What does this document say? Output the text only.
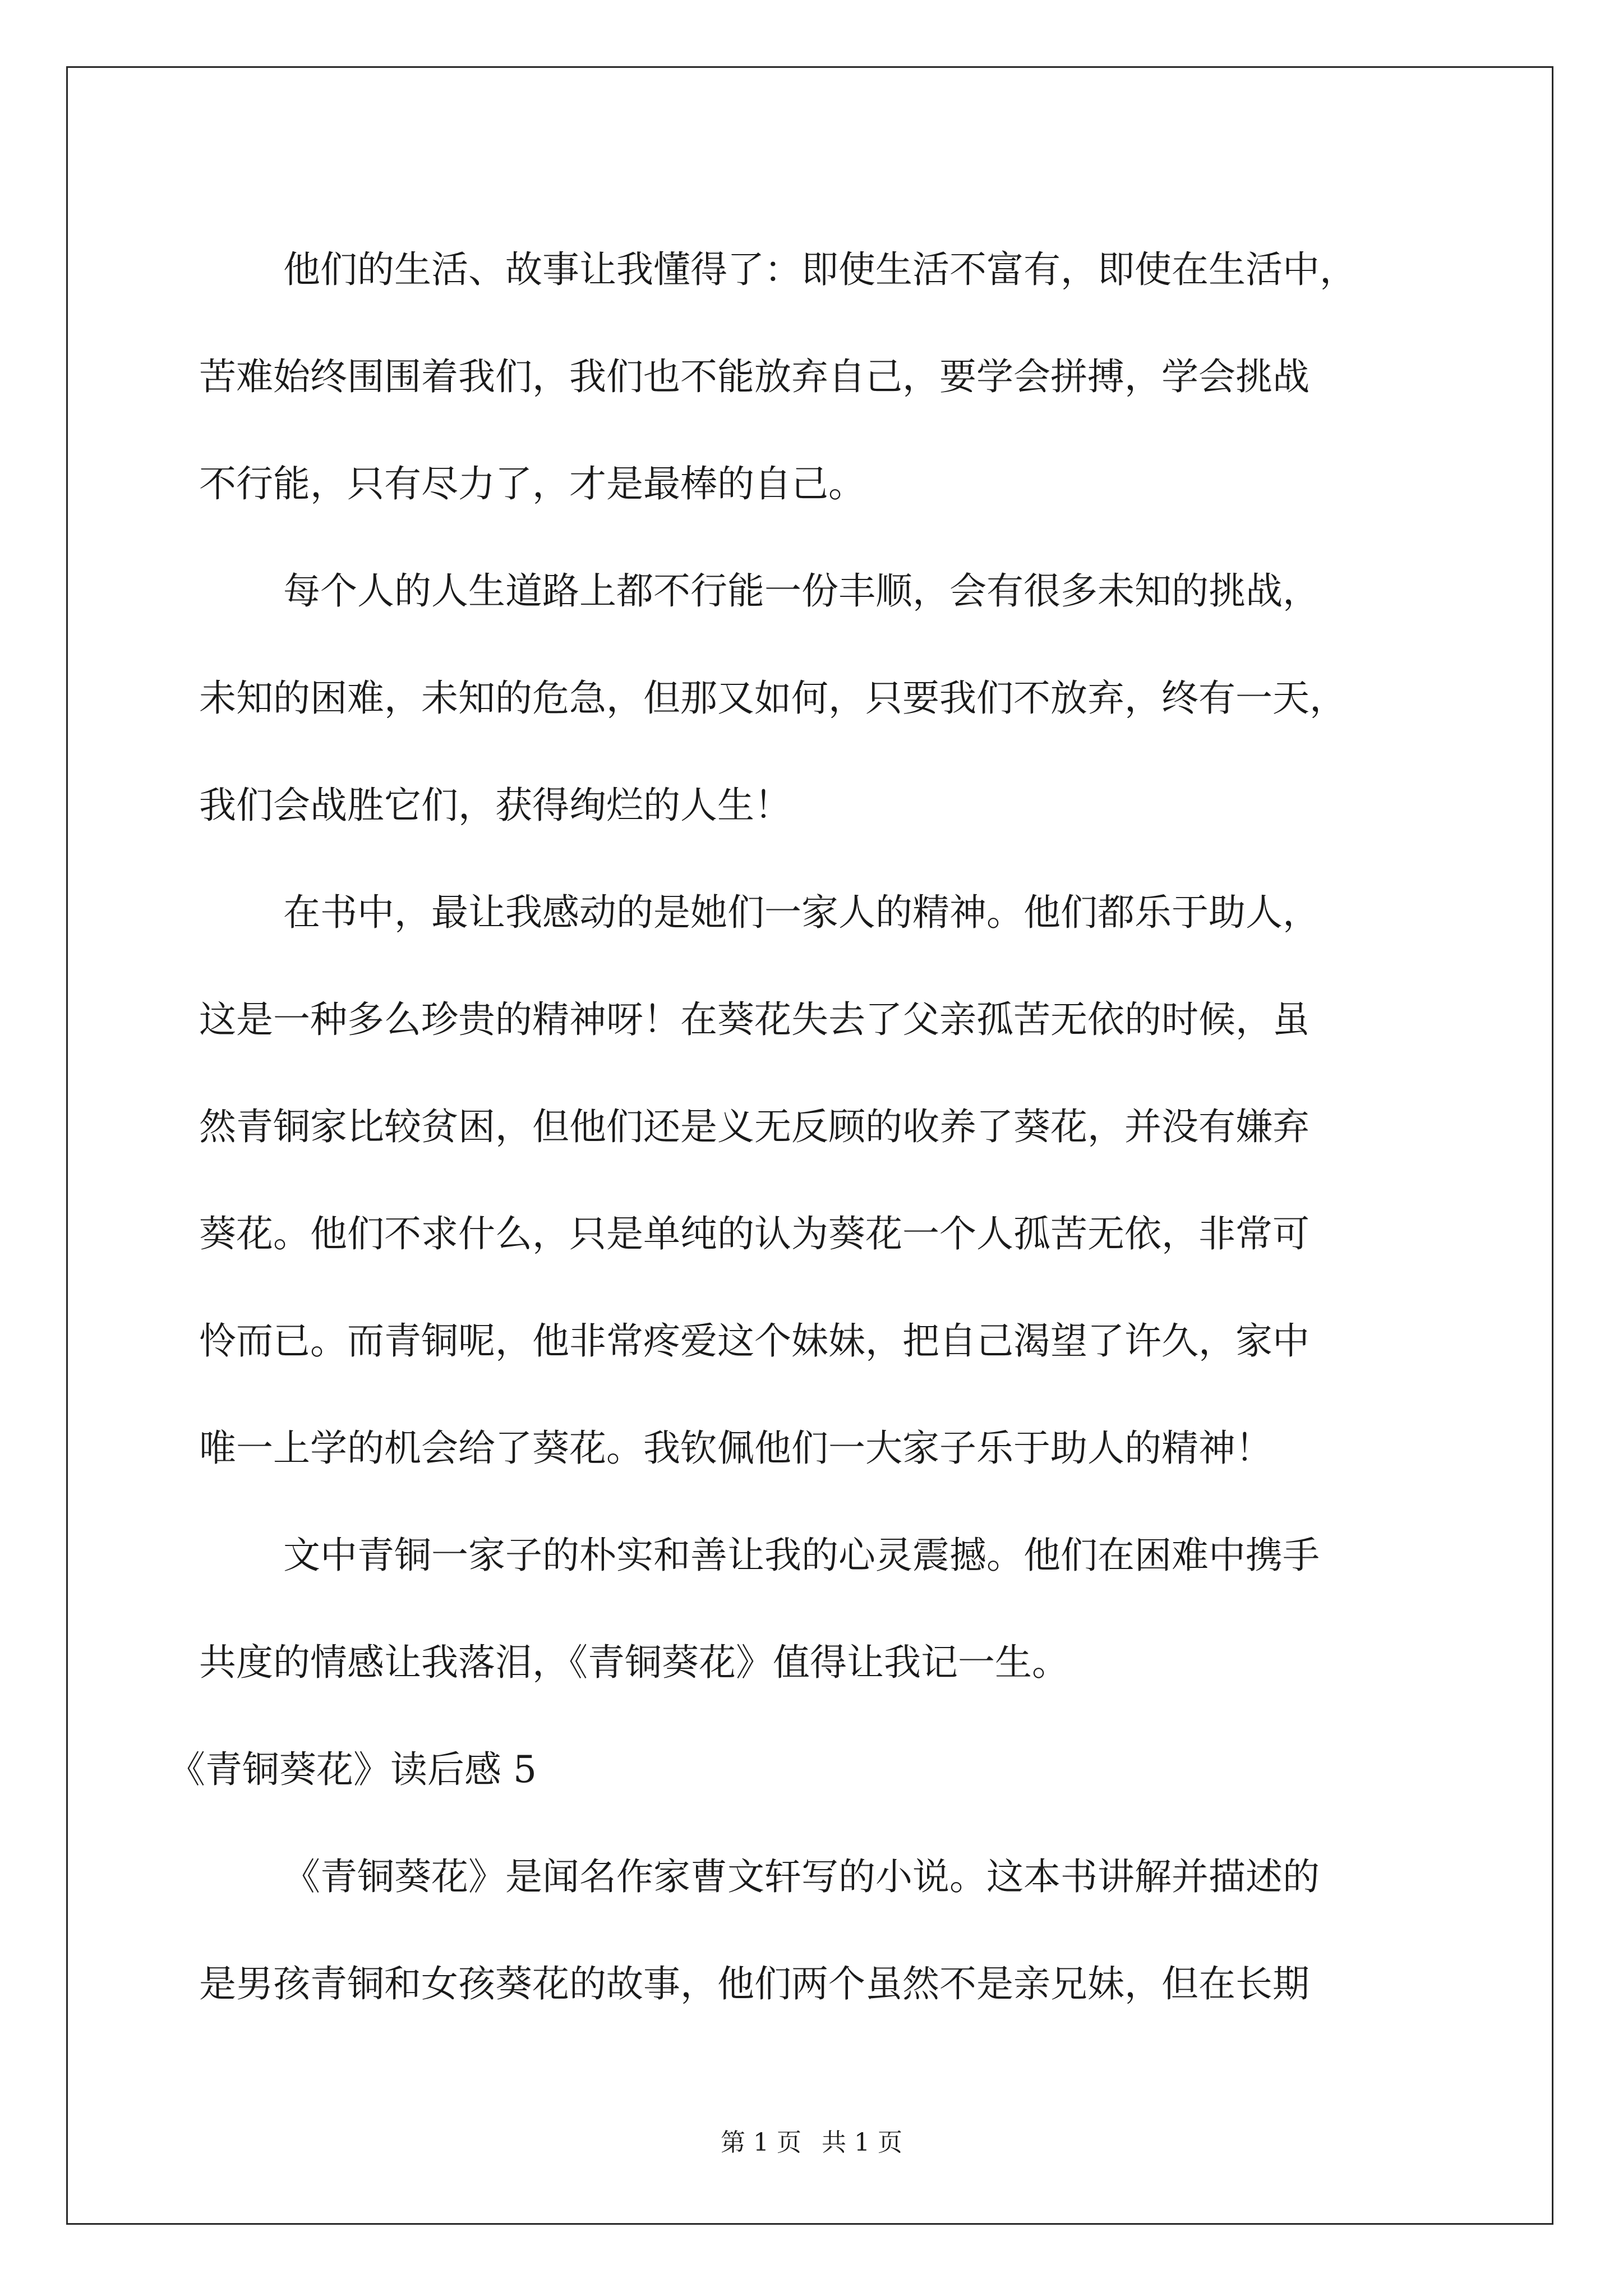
他们的生活、故事让我懂得了：即使生活不富有，即使在生活中，

苦难始终围围着我们，我们也不能放弃自己，要学会拼搏，学会挑战

不行能，只有尽力了，才是最棒的自己。

每个人的人生道路上都不行能一份丰顺，会有很多未知的挑战，

未知的困难，未知的危急，但那又如何，只要我们不放弃，终有一天，

我们会战胜它们，获得绚烂的人生！

在书中，最让我感动的是她们一家人的精神。他们都乐于助人，

这是一种多么珍贵的精神呀！在葵花失去了父亲孤苦无依的时候，虽

然青铜家比较贫困，但他们还是义无反顾的收养了葵花，并没有嫌弃

葵花。他们不求什么，只是单纯的认为葵花一个人孤苦无依，非常可

怜而已。而青铜呢，他非常疼爱这个妹妹，把自己渴望了许久，家中

唯一上学的机会给了葵花。我钦佩他们一大家子乐于助人的精神！

文中青铜一家子的朴实和善让我的心灵震撼。他们在困难中携手

共度的情感让我落泪，《青铜葵花》值得让我记一生。

《青铜葵花》读后感 5

《青铜葵花》是闻名作家曹文轩写的小说。这本书讲解并描述的

是男孩青铜和女孩葵花的故事，他们两个虽然不是亲兄妹，但在长期

第 1 页 共 1 页
